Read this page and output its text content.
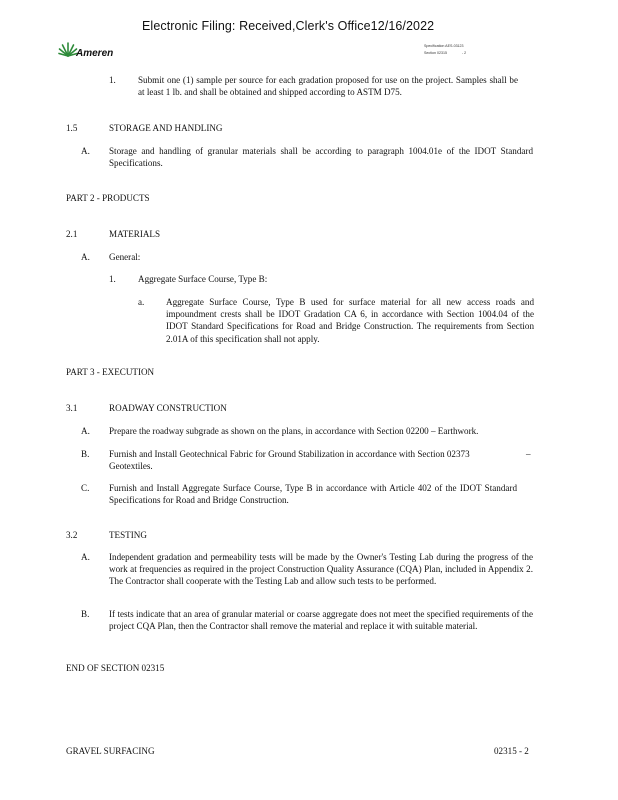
Electronic Filing: Received,Clerk's Office12/16/2022
Ameren
Specification AES-03123
Section 02315	- 2
1.	Submit one (1) sample per source for each gradation proposed for use on the project. Samples shall be at least 1 lb. and shall be obtained and shipped according to ASTM D75.

1.5	STORAGE AND HANDLING
A.	Storage and handling of granular materials shall be according to paragraph 1004.01e of the IDOT Standard Specifications.

PART 2 - PRODUCTS
2.1	MATERIALS
A.	General:
1.	Aggregate Surface Course, Type B:
a.	Aggregate Surface Course, Type B used for surface material for all new access roads and impoundment crests shall be IDOT Gradation CA 6, in accordance with Section 1004.04 of the IDOT Standard Specifications for Road and Bridge Construction. The requirements from Section 2.01A of this specification shall not apply.

PART 3 - EXECUTION
3.1	ROADWAY CONSTRUCTION
A.	Prepare the roadway subgrade as shown on the plans, in accordance with Section 02200 – Earthwork.
B.	Furnish and Install Geotechnical Fabric for Ground Stabilization in accordance with Section 02373	–
Geotextiles.
C.	Furnish and Install Aggregate Surface Course, Type B in accordance with Article 402 of the IDOT Standard Specifications for Road and Bridge Construction.

3.2	TESTING
A.	Independent gradation and permeability tests will be made by the Owner's Testing Lab during the progress of the work at frequencies as required in the project Construction Quality Assurance (CQA) Plan, included in Appendix 2. The Contractor shall cooperate with the Testing Lab and allow such tests to be performed.

B.	If tests indicate that an area of granular material or coarse aggregate does not meet the specified requirements of the project CQA Plan, then the Contractor shall remove the material and replace it with suitable material.

END OF SECTION 02315
GRAVEL SURFACING	02315 - 2
